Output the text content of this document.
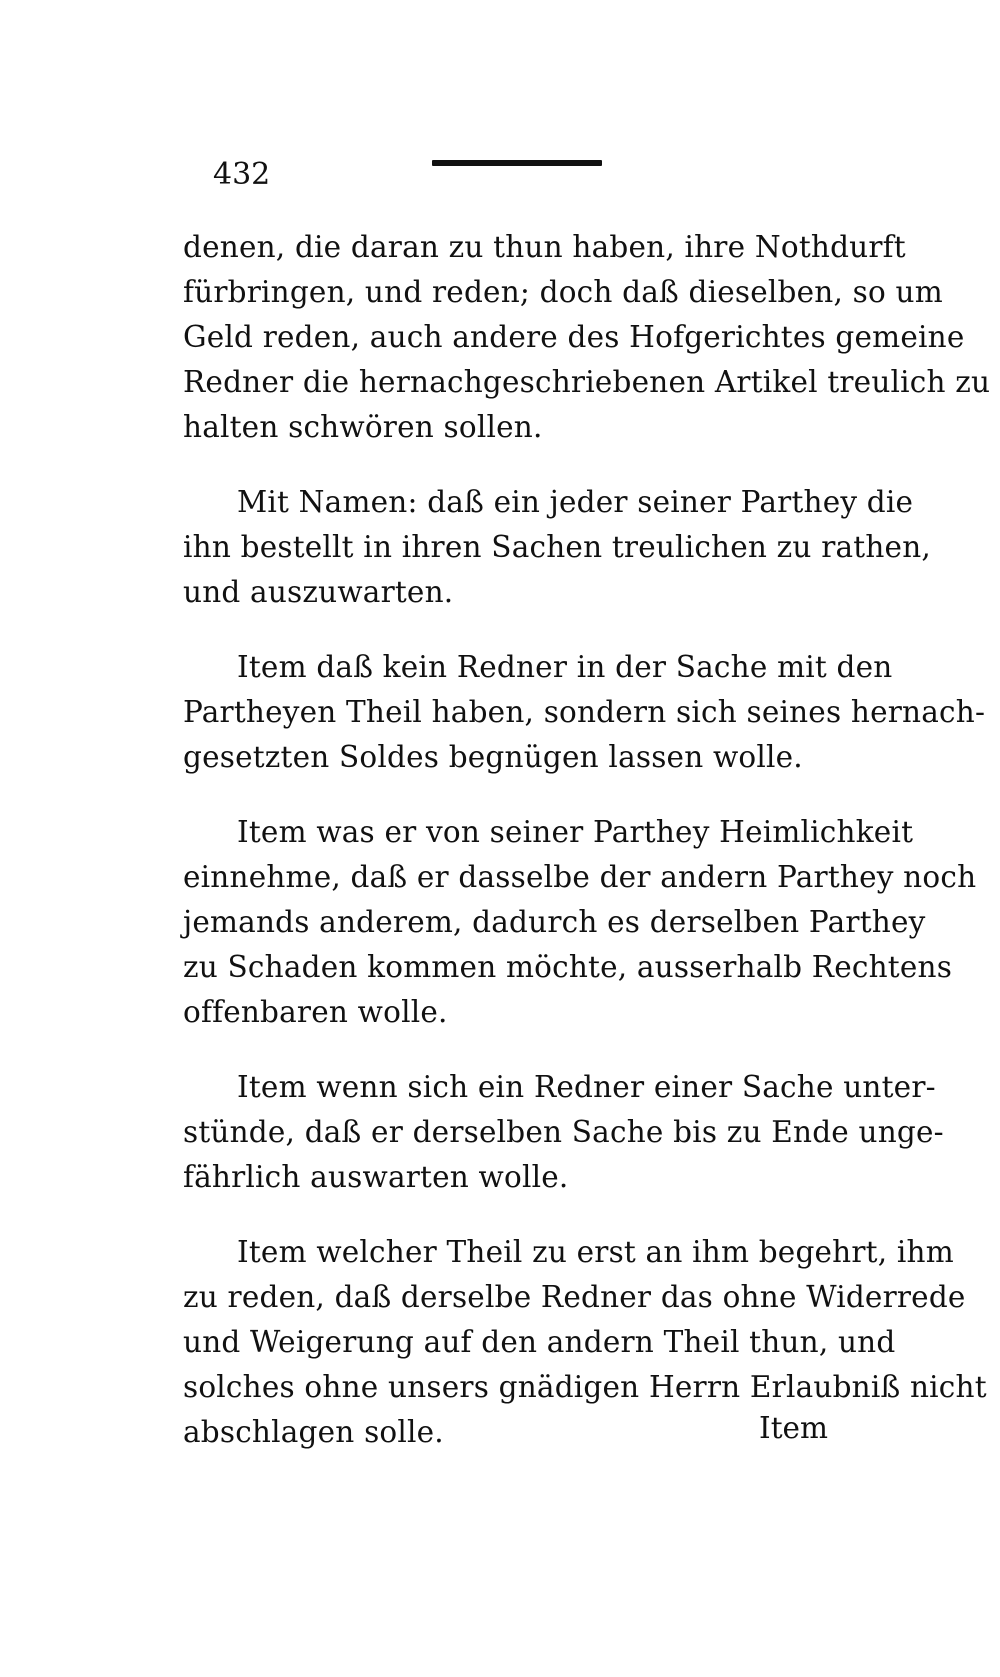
432

denen, die daran zu thun haben, ihre Nothdurft
fürbringen, und reden; doch daß dieselben, so um
Geld reden, auch andere des Hofgerichtes gemeine
Redner die hernachgeschriebenen Artikel treulich zu
halten schwören sollen.

Mit Namen: daß ein jeder seiner Parthey die
ihn bestellt in ihren Sachen treulichen zu rathen,
und auszuwarten.

Item daß kein Redner in der Sache mit den
Partheyen Theil haben, sondern sich seines hernach-
gesetzten Soldes begnügen lassen wolle.

Item was er von seiner Parthey Heimlichkeit
einnehme, daß er dasselbe der andern Parthey noch
jemands anderem, dadurch es derselben Parthey
zu Schaden kommen möchte, ausserhalb Rechtens
offenbaren wolle.

Item wenn sich ein Redner einer Sache unter-
stünde, daß er derselben Sache bis zu Ende unge-
fährlich auswarten wolle.

Item welcher Theil zu erst an ihm begehrt, ihm
zu reden, daß derselbe Redner das ohne Widerrede
und Weigerung auf den andern Theil thun, und
solches ohne unsers gnädigen Herrn Erlaubniß nicht
abschlagen solle.	Item
